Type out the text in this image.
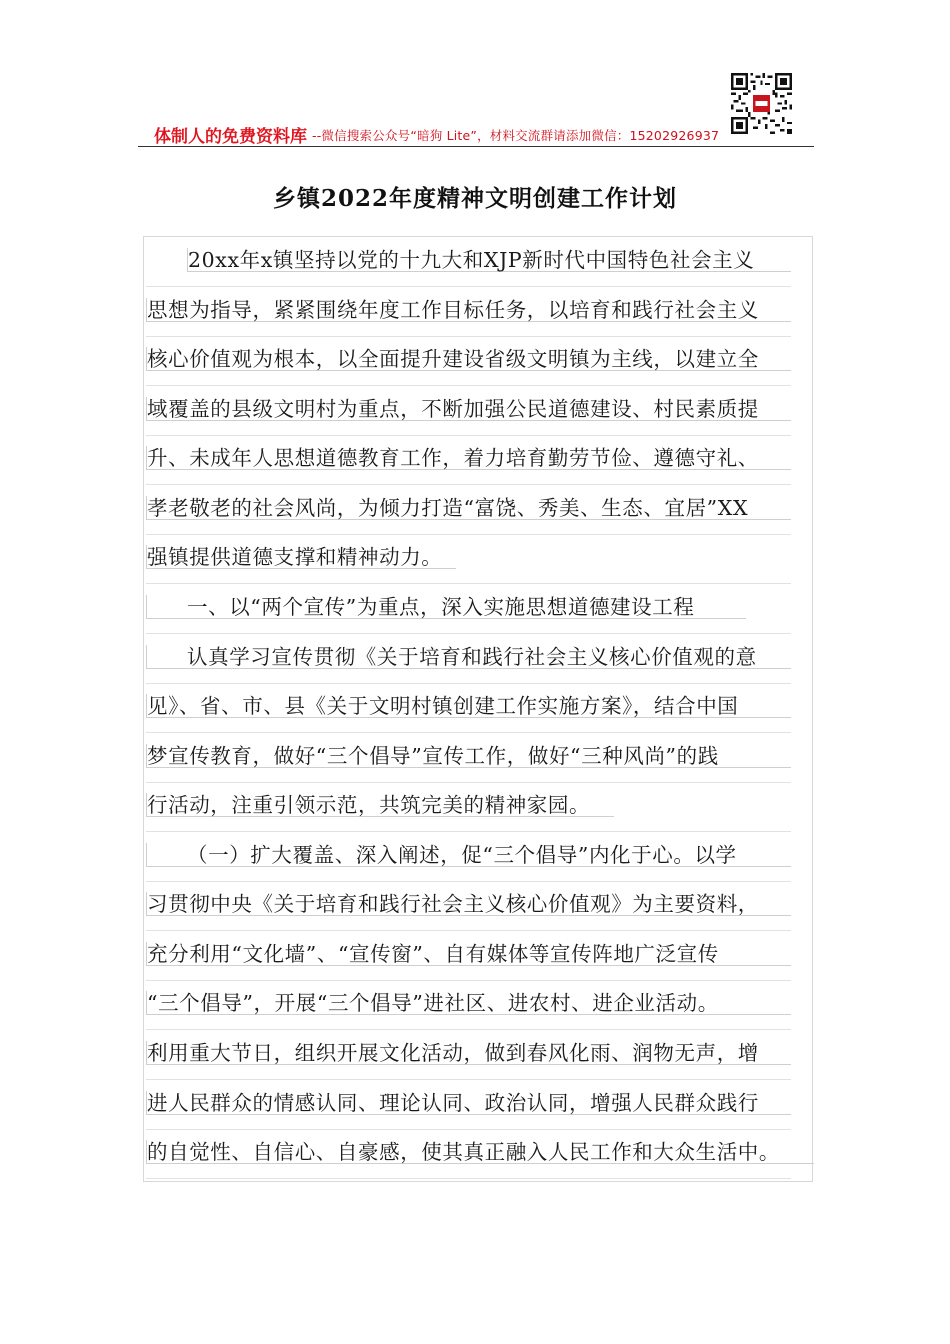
体制人的免费资料库 --微信搜索公众号“暗狗 Lite”，材料交流群请添加微信：15202926937
乡镇2022年度精神文明创建工作计划
20xx年x镇坚持以党的十九大和XJP新时代中国特色社会主义
思想为指导，紧紧围绕年度工作目标任务，以培育和践行社会主义
核心价值观为根本，以全面提升建设省级文明镇为主线，以建立全
域覆盖的县级文明村为重点，不断加强公民道德建设、村民素质提
升、未成年人思想道德教育工作，着力培育勤劳节俭、遵德守礼、
孝老敬老的社会风尚，为倾力打造“富饶、秀美、生态、宜居”XX
强镇提供道德支撑和精神动力。
一、以“两个宣传”为重点，深入实施思想道德建设工程
认真学习宣传贯彻《关于培育和践行社会主义核心价值观的意
见》、省、市、县《关于文明村镇创建工作实施方案》，结合中国
梦宣传教育，做好“三个倡导”宣传工作，做好“三种风尚”的践
行活动，注重引领示范，共筑完美的精神家园。
（一）扩大覆盖、深入阐述，促“三个倡导”内化于心。以学
习贯彻中央《关于培育和践行社会主义核心价值观》为主要资料，
充分利用“文化墙”、“宣传窗”、自有媒体等宣传阵地广泛宣传
“三个倡导”，开展“三个倡导”进社区、进农村、进企业活动。
利用重大节日，组织开展文化活动，做到春风化雨、润物无声，增
进人民群众的情感认同、理论认同、政治认同，增强人民群众践行
的自觉性、自信心、自豪感，使其真正融入人民工作和大众生活中。
